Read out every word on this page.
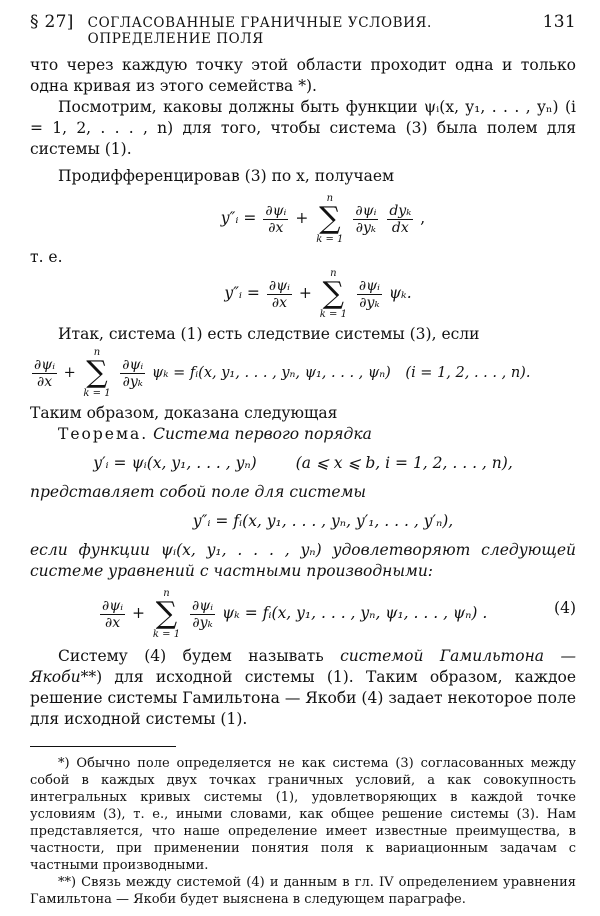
§ 27] СОГЛАСОВАННЫЕ ГРАНИЧНЫЕ УСЛОВИЯ. ОПРЕДЕЛЕНИЕ ПОЛЯ
131

что через каждую точку этой области проходит одна и только одна кривая из этого семейства *).

Посмотрим, каковы должны быть функции ψᵢ(x, y₁, . . . , yₙ) (i = 1, 2, . . . , n) для того, чтобы система (3) была полем для системы (1).

Продифференцировав (3) по x, получаем

y″ᵢ = $\frac{\text{∂ψᵢ}}{\partial x}$ +
n
∑
k = 1

$\frac{\text{∂ψᵢ}}{\text{∂yₖ}}$
$\frac{\text{dyₖ}}{dx}$ ,

т. е.

y″ᵢ = $\frac{\text{∂ψᵢ}}{\partial x}$ +
n
∑
k = 1

$\frac{\text{∂ψᵢ}}{\text{∂yₖ}} \psi_k$.

Итак, система (1) есть следствие системы (3), если

$\frac{\text{∂ψᵢ}}{\partial x}$ +
n
∑
k = 1

$\frac{\text{∂ψᵢ}}{\text{∂yₖ}}$ ψₖ = fᵢ(x, y₁, . . . , yₙ, ψ₁, . . . , ψₙ) (i = 1, 2, . . . , n).

Таким образом, доказана следующая

Теорема. Система первого порядка

y′ᵢ = ψᵢ(x, y₁, . . . , yₙ)	(a ⩽ x ⩽ b, i = 1, 2, . . . , n),

представляет собой поле для системы

y″ᵢ = fᵢ(x, y₁, . . . , yₙ, y′₁, . . . , y′ₙ),

если функции ψᵢ(x, y₁, . . . , yₙ) удовлетворяют следующей системе уравнений с частными производными:

$\frac{\text{∂ψᵢ}}{\partial x}$ +
n
∑
k = 1

$\frac{\text{∂ψᵢ}}{\text{∂yₖ}}$ ψₖ = fᵢ(x, y₁, . . . , yₙ, ψ₁, . . . , ψₙ) .	(4)

Систему (4) будем называть системой Гамильтона — Якоби**) для исходной системы (1). Таким образом, каждое решение системы Гамильтона — Якоби (4) задает некоторое поле для исходной системы (1).

*) Обычно поле определяется не как система (3) согласованных между собой в каждых двух точках граничных условий, а как совокупность интегральных кривых системы (1), удовлетворяющих в каждой точке условиям (3), т. е., иными словами, как общее решение системы (3). Нам представляется, что наше определение имеет известные преимущества, в частности, при применении понятия поля к вариационным задачам с частными производными.

**) Связь между системой (4) и данным в гл. IV определением уравнения Гамильтона — Якоби будет выяснена в следующем параграфе.
